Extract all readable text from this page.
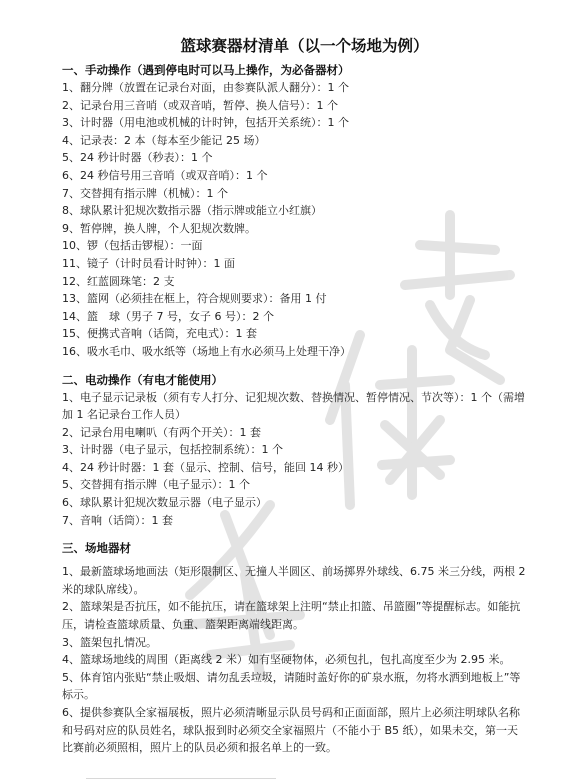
篮球赛器材清单（以一个场地为例）
一、手动操作（遇到停电时可以马上操作，为必备器材）
1、翻分牌（放置在记录台对面，由参赛队派人翻分）：1 个
2、记录台用三音哨（或双音哨，暂停、换人信号）：1 个
3、计时器（用电池或机械的计时钟，包括开关系统）：1 个
4、记录表：2 本（每本至少能记 25 场）
5、24 秒计时器（秒表）：1 个
6、24 秒信号用三音哨（或双音哨）：1 个
7、交替拥有指示牌（机械）：1 个
8、球队累计犯规次数指示器（指示牌或能立小红旗）
9、暂停牌，换人牌，个人犯规次数牌。
10、锣（包括击锣棍）：一面
11、镜子（计时员看计时钟）：1 面
12、红蓝圆珠笔：2 支
13、篮网（必须挂在框上，符合规则要求）：备用 1 付
14、篮　球（男子 7 号，女子 6 号）：2 个
15、便携式音响（话筒，充电式）：1 套
16、吸水毛巾、吸水纸等（场地上有水必须马上处理干净）
二、电动操作（有电才能使用）
1、电子显示记录板（须有专人打分、记犯规次数、替换情况、暂停情况、节次等）：1 个（需增加 1 名记录台工作人员）
2、记录台用电喇叭（有两个开关）：1 套
3、计时器（电子显示，包括控制系统）：1 个
4、24 秒计时器：1 套（显示、控制、信号，能回 14 秒）
5、交替拥有指示牌（电子显示）：1 个
6、球队累计犯规次数显示器（电子显示）
7、音响（话筒）：1 套
三、场地器材
1、最新篮球场地画法（矩形限制区、无撞人半圆区、前场掷界外球线、6.75 米三分线，两根 2 米的球队席线）。
2、篮球架是否抗压，如不能抗压，请在篮球架上注明“禁止扣篮、吊篮圈”等提醒标志。如能抗压，请检查篮球质量、负重、篮架距离端线距离。
3、篮架包扎情况。
4、篮球场地线的周围（距离线 2 米）如有坚硬物体，必须包扎，包扎高度至少为 2.95 米。
5、体育馆内张贴“禁止吸烟、请勿乱丢垃圾，请随时盖好你的矿泉水瓶，勿将水洒到地板上”等标示。
6、提供参赛队全家福展板，照片必须清晰显示队员号码和正面面部，照片上必须注明球队名称和号码对应的队员姓名，球队报到时必须交全家福照片（不能小于 B5 纸），如果未交，第一天比赛前必须照相，照片上的队员必须和报名单上的一致。
